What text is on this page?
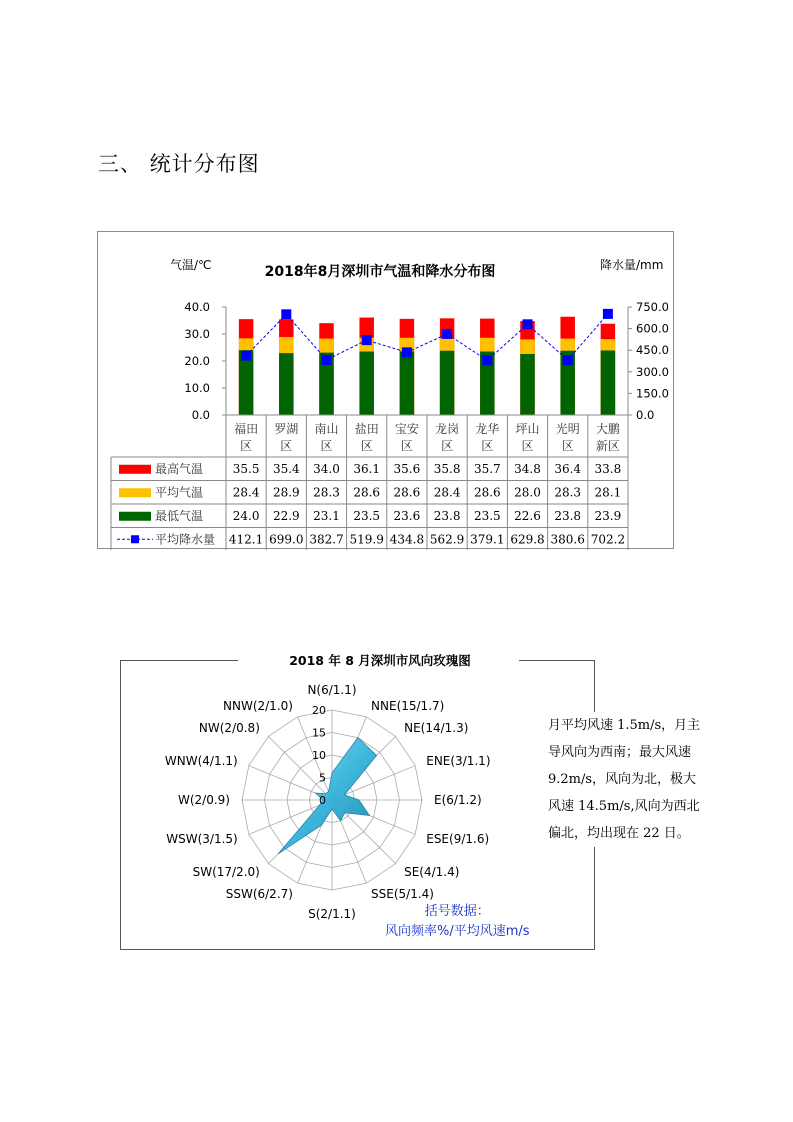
三、 统计分布图
0.0
10.0
20.0
30.0
40.0
0.0
150.0
300.0
450.0
600.0
750.0
福田
区
罗湖
区
南山
区
盐田
区
宝安
区
龙岗
区
龙华
区
坪山
区
光明
区
大鹏
新区
最高气温 35.5 35.4 34.0 36.1 35.6 35.8 35.7 34.8 36.4 33.8
平均气温 28.4 28.9 28.3 28.6 28.6 28.4 28.6 28.0 28.3 28.1
最低气温 24.0 22.9 23.1 23.5 23.6 23.8 23.5 22.6 23.8 23.9
平均降水量 412.1 699.0 382.7 519.9 434.8 562.9 379.1 629.8 380.6 702.2
2018年8月深圳市气温和降水分布图
气温/℃	降水量/mm
2018 年 8 月深圳市风向玫瑰图
0
5
10
15
20
N(6/1.1)
NNE(15/1.7)
NE(14/1.3)
ENE(3/1.1)
E(6/1.2)
ESE(9/1.6)
SE(4/1.4)
SSE(5/1.4)
S(2/1.1)
SSW(6/2.7)
SW(17/2.0)
WSW(3/1.5)
W(2/0.9)
WNW(4/1.1)
NW(2/0.8)
NNW(2/1.0)
括号数据：
风向频率%/平均风速m/s
月平均风速 1.5m/s，月主
导风向为西南；最大风速
9.2m/s，风向为北，极大
风速 14.5m/s,风向为西北
偏北，均出现在 22 日。
